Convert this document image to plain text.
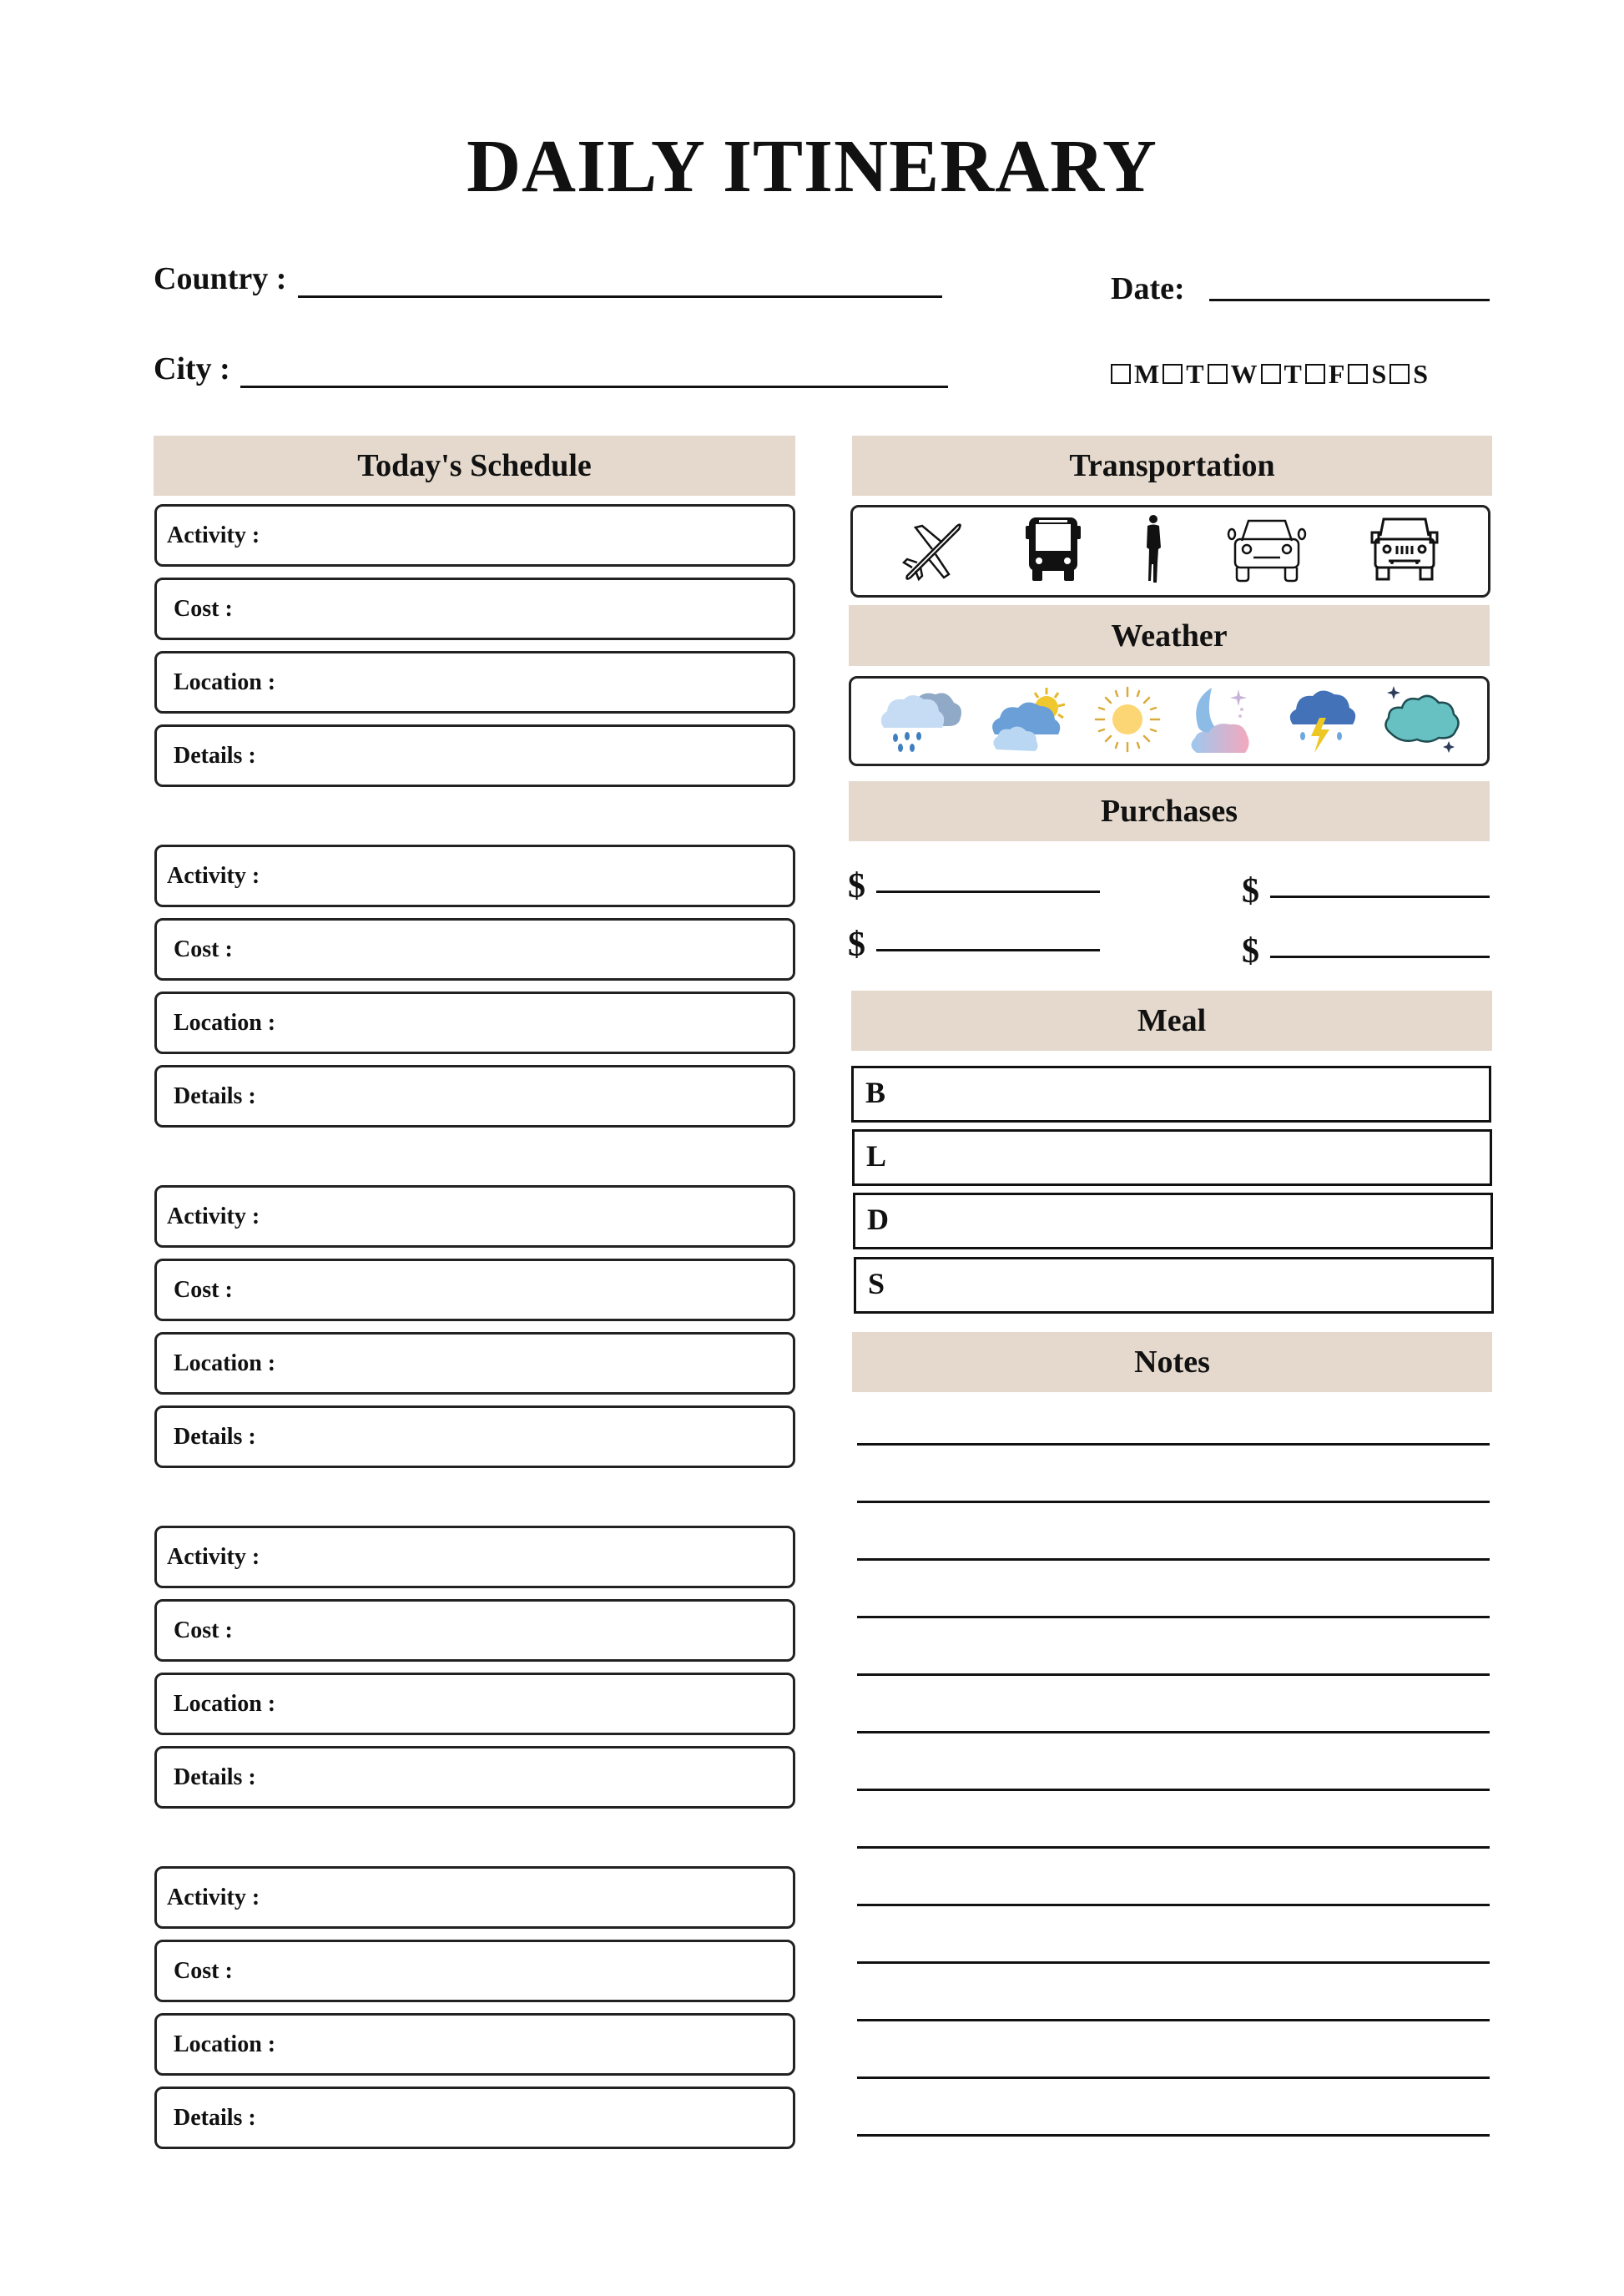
DAILY ITINERARY
Country :	Date:
City :	M T W T F S S
Today's Schedule
Activity :
Cost :
Location :
Details :
Activity :
Cost :
Location :
Details :
Activity :
Cost :
Location :
Details :
Activity :
Cost :
Location :
Details :
Activity :
Cost :
Location :
Details :
Transportation
Weather
Purchases
$	$
$	$
Meal
B
L
D
S
Notes
